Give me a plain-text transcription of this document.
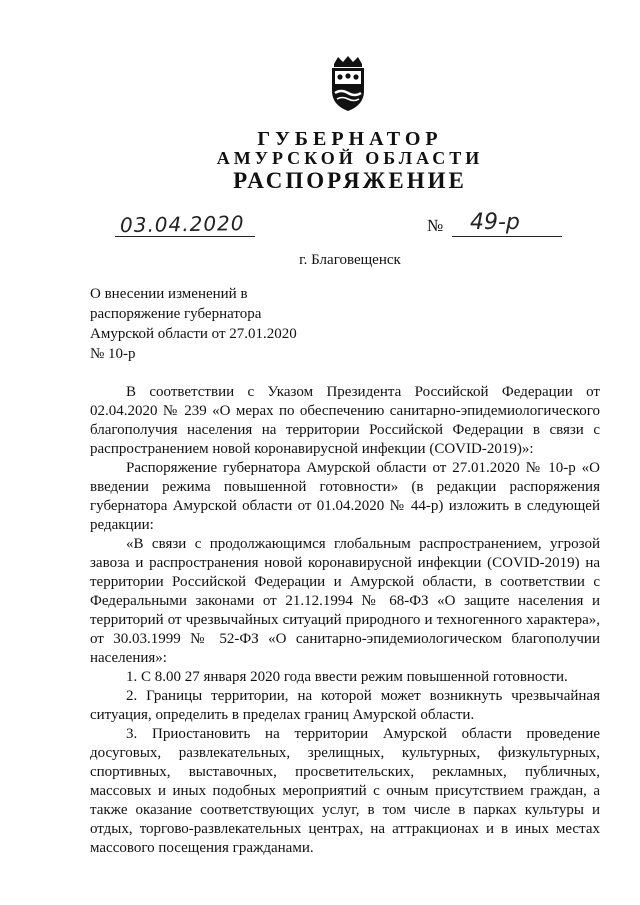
ГУБЕРНАТОР
АМУРСКОЙ ОБЛАСТИ
РАСПОРЯЖЕНИЕ
03.04.2020	№ 49-р
г. Благовещенск
О внесении изменений в
распоряжение губернатора
Амурской области от 27.01.2020
№ 10-р

В соответствии с Указом Президента Российской Федерации от 02.04.2020 № 239 «О мерах по обеспечению санитарно-эпидемиологического благополучия населения на территории Российской Федерации в связи с распространением новой коронавирусной инфекции (COVID-2019)»:

Распоряжение губернатора Амурской области от 27.01.2020 № 10-р «О введении режима повышенной готовности» (в редакции распоряжения губернатора Амурской области от 01.04.2020 № 44-р) изложить в следующей редакции:

«В связи с продолжающимся глобальным распространением, угрозой завоза и распространения новой коронавирусной инфекции (COVID-2019) на территории Российской Федерации и Амурской области, в соответствии с Федеральными законами от 21.12.1994 № 68-ФЗ «О защите населения и территорий от чрезвычайных ситуаций природного и техногенного характера», от 30.03.1999 № 52-ФЗ «О санитарно-эпидемиологическом благополучии населения»:

1. С 8.00 27 января 2020 года ввести режим повышенной готовности.

2. Границы территории, на которой может возникнуть чрезвычайная ситуация, определить в пределах границ Амурской области.

3. Приостановить на территории Амурской области проведение досуговых, развлекательных, зрелищных, культурных, физкультурных, спортивных, выставочных, просветительских, рекламных, публичных, массовых и иных подобных мероприятий с очным присутствием граждан, а также оказание соответствующих услуг, в том числе в парках культуры и отдых, торгово-развлекательных центрах, на аттракционах и в иных местах массового посещения гражданами.
